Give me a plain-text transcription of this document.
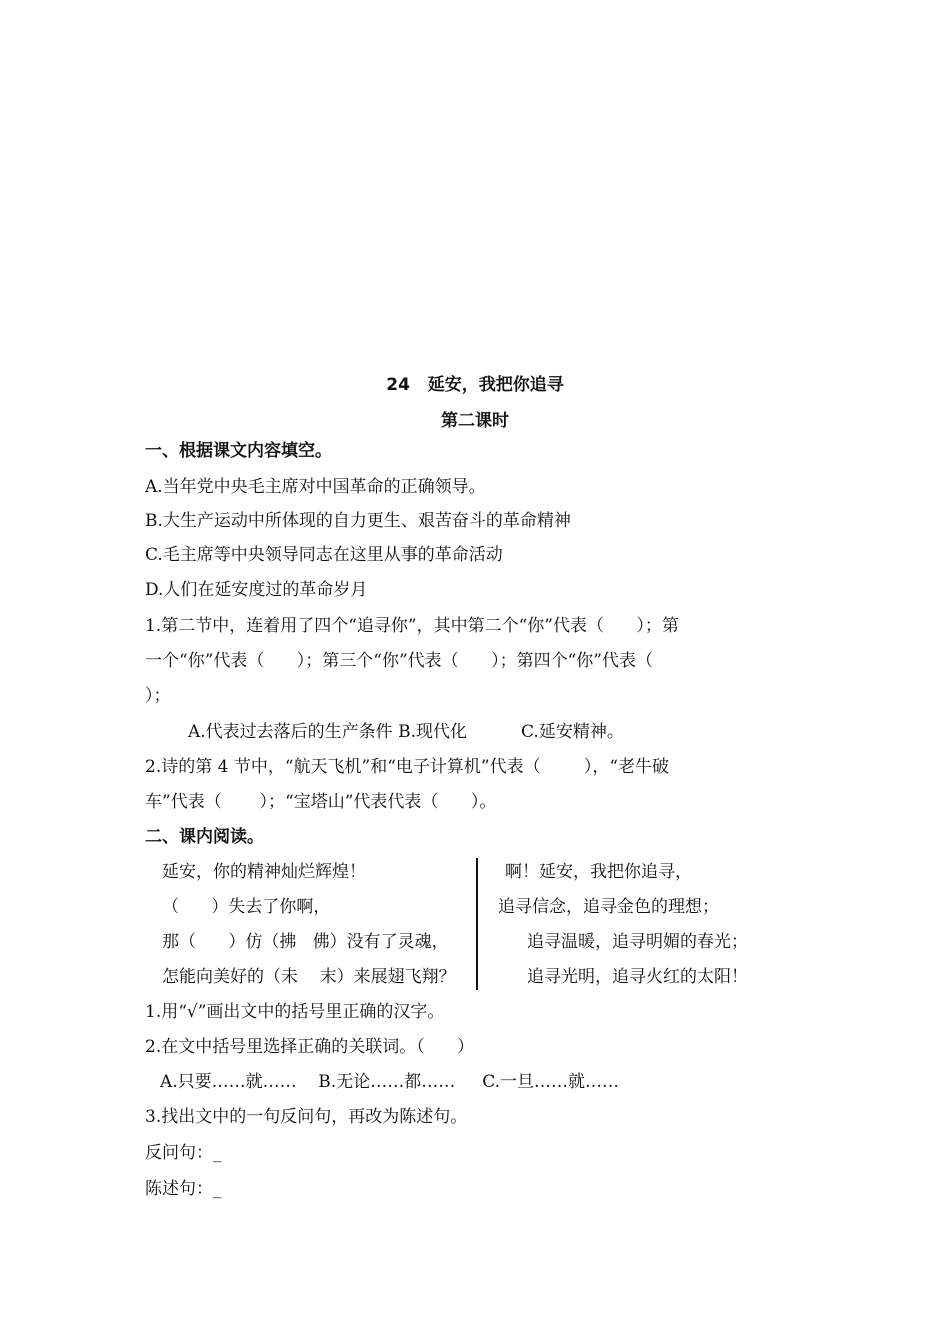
24   延安，我把你追寻
第二课时
一、根据课文内容填空。
A.当年党中央毛主席对中国革命的正确领导。
B.大生产运动中所体现的自力更生、艰苦奋斗的革命精神
C.毛主席等中央领导同志在这里从事的革命活动
D.人们在延安度过的革命岁月
1.第二节中，连着用了四个“追寻你”，其中第二个“你”代表（      ）；第
一个“你”代表（      ）；第三个“你”代表（      ）；第四个“你”代表（
）；
A.代表过去落后的生产条件 B.现代化          C.延安精神。
2.诗的第 4 节中，“航天飞机”和“电子计算机”代表（        ），“老牛破
车”代表（       ）；“宝塔山”代表代表（      ）。
二、课内阅读。
延安，你的精神灿烂辉煌！
（      ）失去了你啊，
那（      ）仿（拂   佛）没有了灵魂，
怎能向美好的（未    末）来展翅飞翔？
啊！延安，我把你追寻，
追寻信念，追寻金色的理想；
追寻温暖，追寻明媚的春光；
追寻光明，追寻火红的太阳！
1.用“√”画出文中的括号里正确的汉字。
2.在文中括号里选择正确的关联词。（      ）
A.只要……就……    B.无论……都……     C.一旦……就……
3.找出文中的一句反问句，再改为陈述句。
反问句：_
陈述句：_
